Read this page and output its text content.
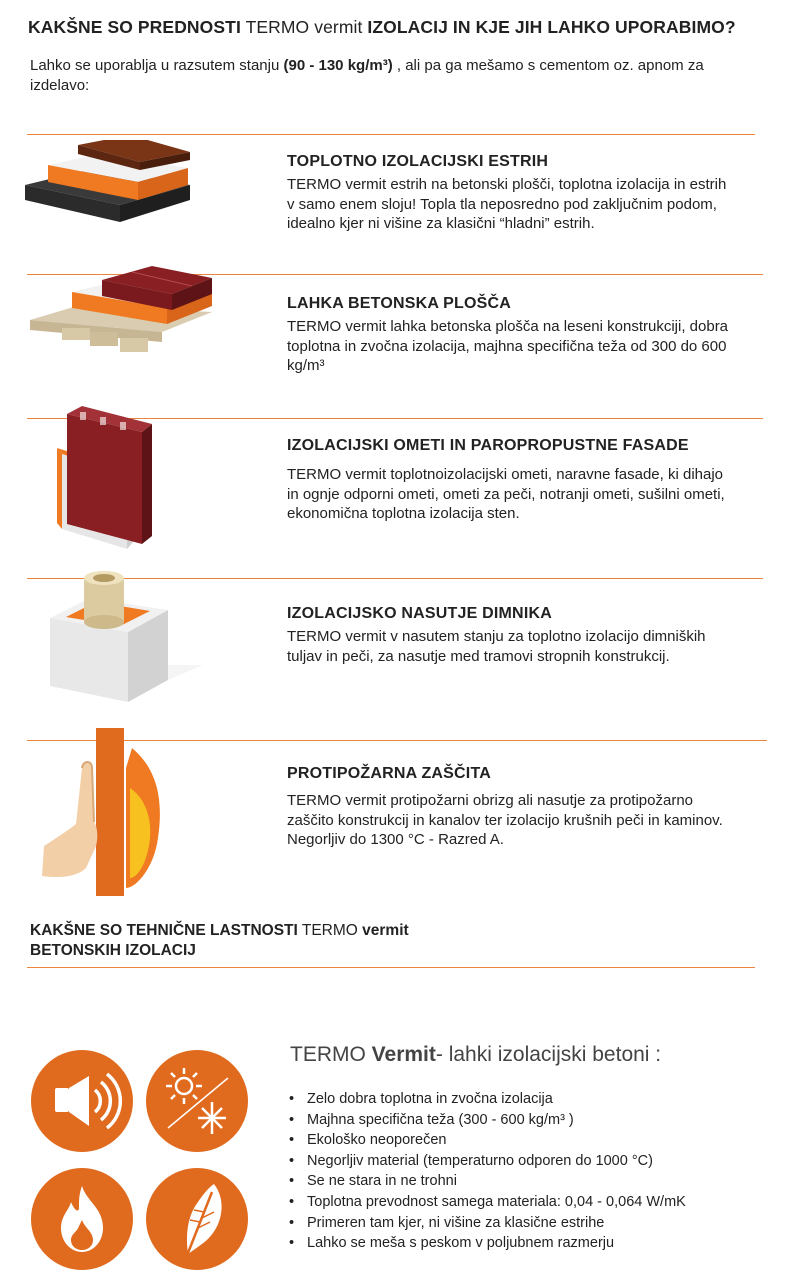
KAKŠNE SO PREDNOSTI TERMO vermit IZOLACIJ IN KJE JIH LAHKO UPORABIMO?
Lahko se uporablja u razsutem stanju (90 - 130 kg/m³) , ali pa ga mešamo s cementom oz. apnom za izdelavo:
TOPLOTNO IZOLACIJSKI ESTRIH
TERMO vermit estrih na betonski plošči, toplotna izolacija in estrih v samo enem sloju! Topla tla neposredno pod zaključnim podom, idealno kjer ni višine za klasični “hladni” estrih.
LAHKA BETONSKA PLOŠČA
TERMO vermit lahka betonska plošča na leseni konstrukciji, dobra toplotna in zvočna izolacija, majhna specifična teža od 300 do 600 kg/m³
IZOLACIJSKI OMETI IN PAROPROPUSTNE FASADE
TERMO vermit toplotnoizolacijski ometi, naravne fasade, ki dihajo in ognje odporni ometi, ometi za peči, notranji ometi, sušilni ometi, ekonomična toplotna izolacija sten.
IZOLACIJSKO NASUTJE DIMNIKA
TERMO vermit v nasutem stanju za toplotno izolacijo dimniških tuljav in peči, za nasutje med tramovi stropnih konstrukcij.
PROTIPOŽARNA ZAŠČITA
TERMO vermit protipožarni obrizg ali nasutje za protipožarno zaščito konstrukcij in kanalov ter izolacijo krušnih peči in kaminov.
Negorljiv do 1300 °C - Razred A.
KAKŠNE SO TEHNIČNE LASTNOSTI TERMO vermit
BETONSKIH IZOLACIJ
TERMO Vermit- lahki izolacijski betoni :
• Zelo dobra toplotna in zvočna izolacija
• Majhna specifična teža (300 - 600 kg/m³ )
• Ekološko neoporečen
• Negorljiv material (temperaturno odporen do 1000 °C)
• Se ne stara in ne trohni
• Toplotna prevodnost samega materiala: 0,04 - 0,064 W/mK
• Primeren tam kjer, ni višine za klasične estrihe
• Lahko se meša s peskom v poljubnem razmerju
